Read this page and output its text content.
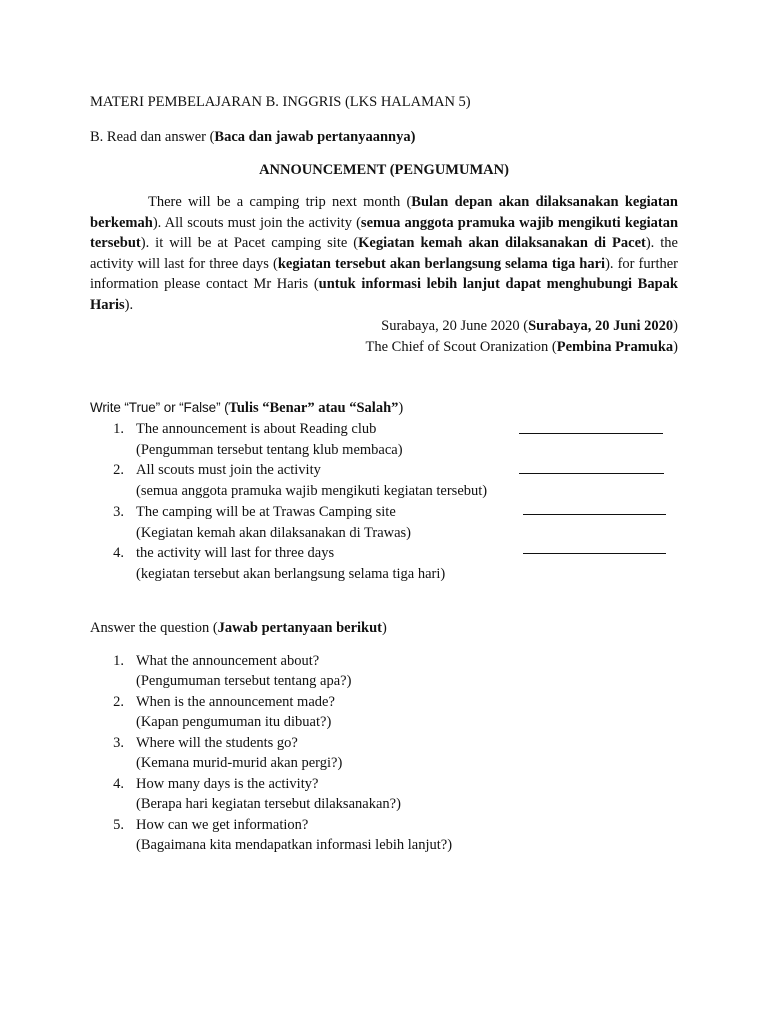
MATERI PEMBELAJARAN B. INGGRIS (LKS HALAMAN 5)
B. Read dan answer (Baca dan jawab pertanyaannya)
ANNOUNCEMENT (PENGUMUMAN)
There will be a camping trip next month (Bulan depan akan dilaksanakan kegiatan berkemah). All scouts must join the activity (semua anggota pramuka wajib mengikuti kegiatan tersebut). it will be at Pacet camping site (Kegiatan kemah akan dilaksanakan di Pacet). the activity will last for three days (kegiatan tersebut akan berlangsung selama tiga hari). for further information please contact Mr Haris (untuk informasi lebih lanjut dapat menghubungi Bapak Haris).
Surabaya, 20 June 2020 (Surabaya, 20 Juni 2020)
The Chief of Scout Oranization (Pembina Pramuka)
Write “True” or “False” (Tulis “Benar” atau “Salah”)
1. The announcement is about Reading club
(Pengumman tersebut tentang klub membaca)
2. All scouts must join the activity
(semua anggota pramuka wajib mengikuti kegiatan tersebut)
3. The camping will be at Trawas Camping site
(Kegiatan kemah akan dilaksanakan di Trawas)
4. the activity will last for three days
(kegiatan tersebut akan berlangsung selama tiga hari)
Answer the question (Jawab pertanyaan berikut)
1. What the announcement about?
(Pengumuman tersebut tentang apa?)
2. When is the announcement made?
(Kapan pengumuman itu dibuat?)
3. Where will the students go?
(Kemana murid-murid akan pergi?)
4. How many days is the activity?
(Berapa hari kegiatan tersebut dilaksanakan?)
5. How can we get information?
(Bagaimana kita mendapatkan informasi lebih lanjut?)
